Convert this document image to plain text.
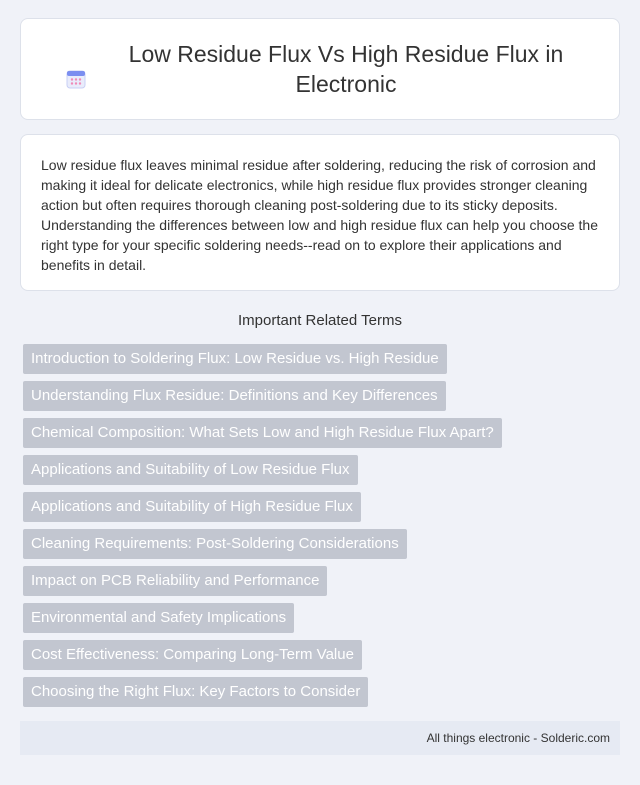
Low Residue Flux Vs High Residue Flux in Electronic

Low residue flux leaves minimal residue after soldering, reducing the risk of corrosion and making it ideal for delicate electronics, while high residue flux provides stronger cleaning action but often requires thorough cleaning post-soldering due to its sticky deposits. Understanding the differences between low and high residue flux can help you choose the right type for your specific soldering needs--read on to explore their applications and benefits in detail.

Important Related Terms
Introduction to Soldering Flux: Low Residue vs. High Residue
Understanding Flux Residue: Definitions and Key Differences
Chemical Composition: What Sets Low and High Residue Flux Apart?
Applications and Suitability of Low Residue Flux
Applications and Suitability of High Residue Flux
Cleaning Requirements: Post-Soldering Considerations
Impact on PCB Reliability and Performance
Environmental and Safety Implications
Cost Effectiveness: Comparing Long-Term Value
Choosing the Right Flux: Key Factors to Consider
All things electronic - Solderic.com
